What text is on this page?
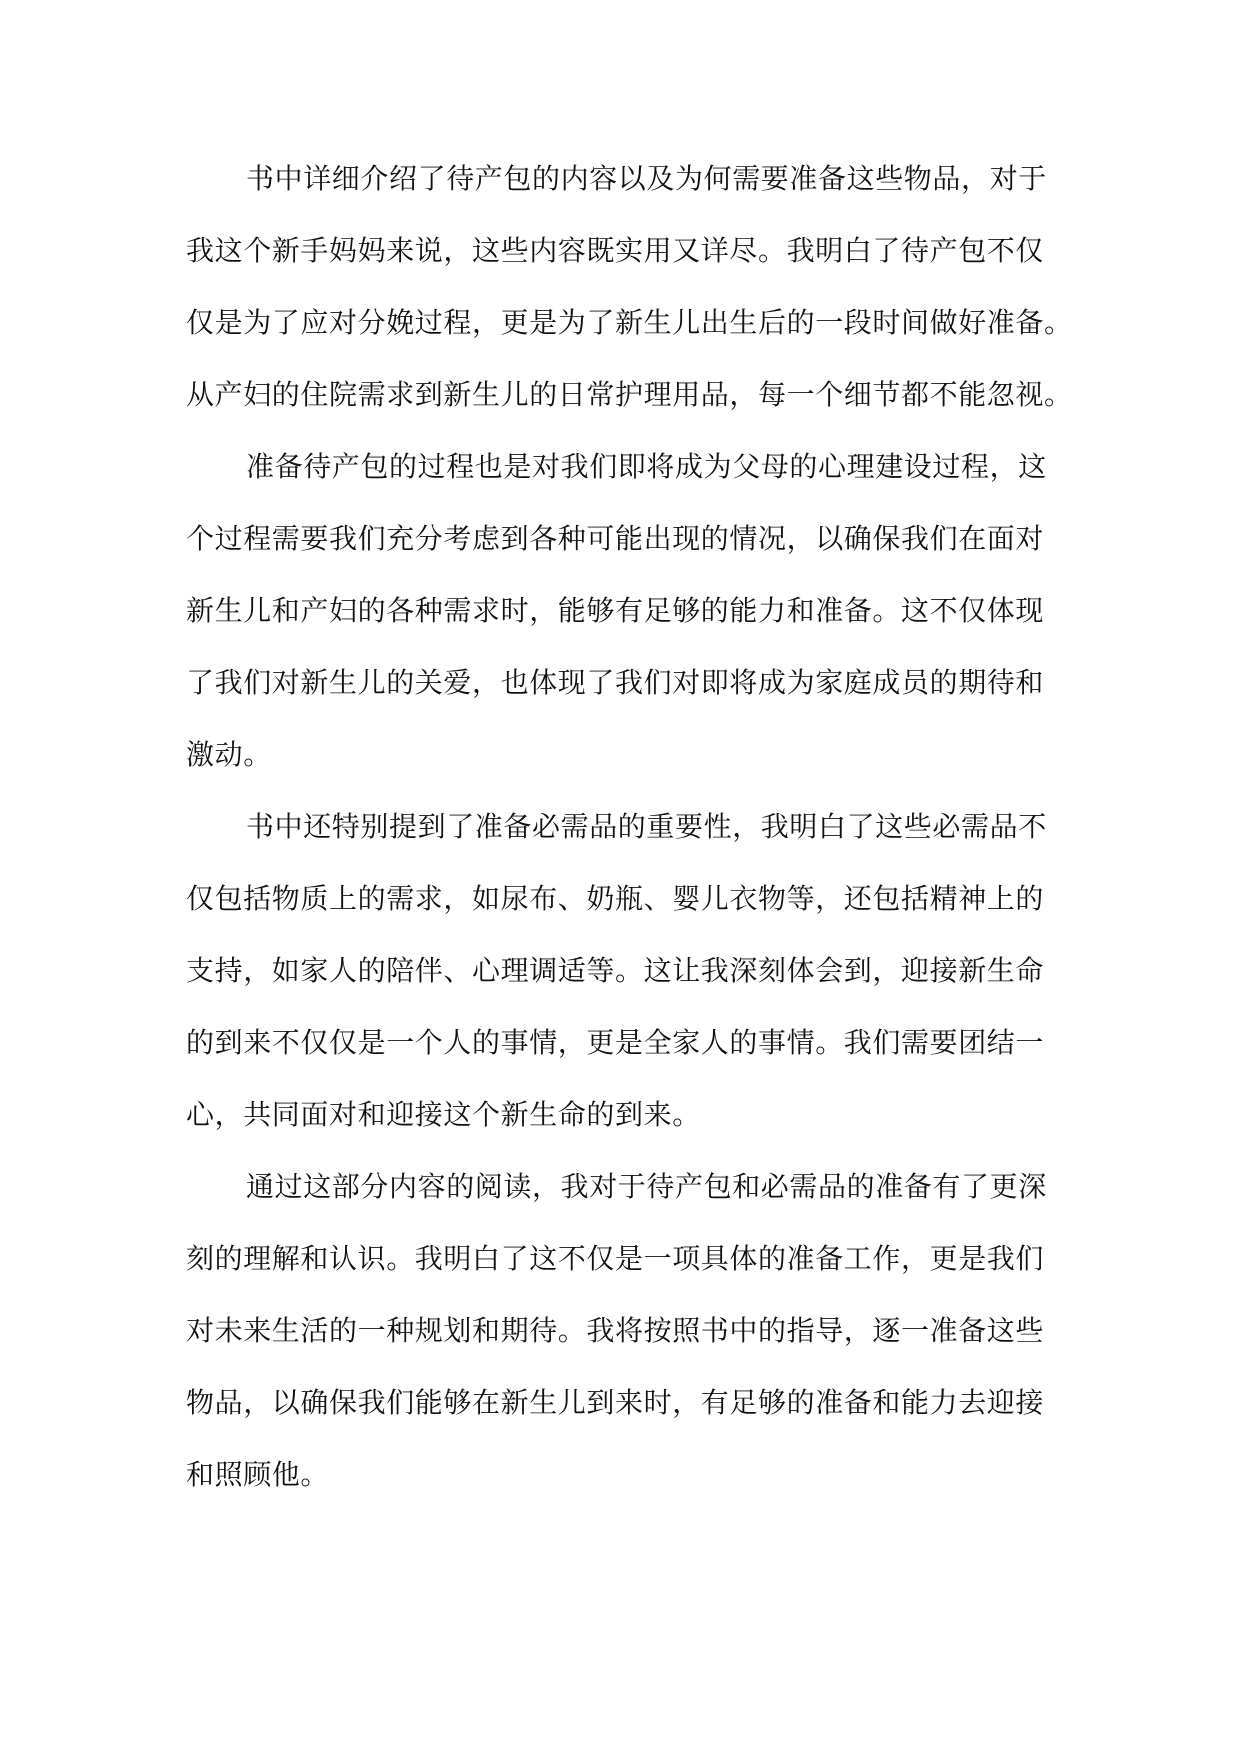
书中详细介绍了待产包的内容以及为何需要准备这些物品，对于
我这个新手妈妈来说，这些内容既实用又详尽。我明白了待产包不仅
仅是为了应对分娩过程，更是为了新生儿出生后的一段时间做好准备。
从产妇的住院需求到新生儿的日常护理用品，每一个细节都不能忽视。
准备待产包的过程也是对我们即将成为父母的心理建设过程，这
个过程需要我们充分考虑到各种可能出现的情况，以确保我们在面对
新生儿和产妇的各种需求时，能够有足够的能力和准备。这不仅体现
了我们对新生儿的关爱，也体现了我们对即将成为家庭成员的期待和
激动。
书中还特别提到了准备必需品的重要性，我明白了这些必需品不
仅包括物质上的需求，如尿布、奶瓶、婴儿衣物等，还包括精神上的
支持，如家人的陪伴、心理调适等。这让我深刻体会到，迎接新生命
的到来不仅仅是一个人的事情，更是全家人的事情。我们需要团结一
心，共同面对和迎接这个新生命的到来。
通过这部分内容的阅读，我对于待产包和必需品的准备有了更深
刻的理解和认识。我明白了这不仅是一项具体的准备工作，更是我们
对未来生活的一种规划和期待。我将按照书中的指导，逐一准备这些
物品，以确保我们能够在新生儿到来时，有足够的准备和能力去迎接
和照顾他。
